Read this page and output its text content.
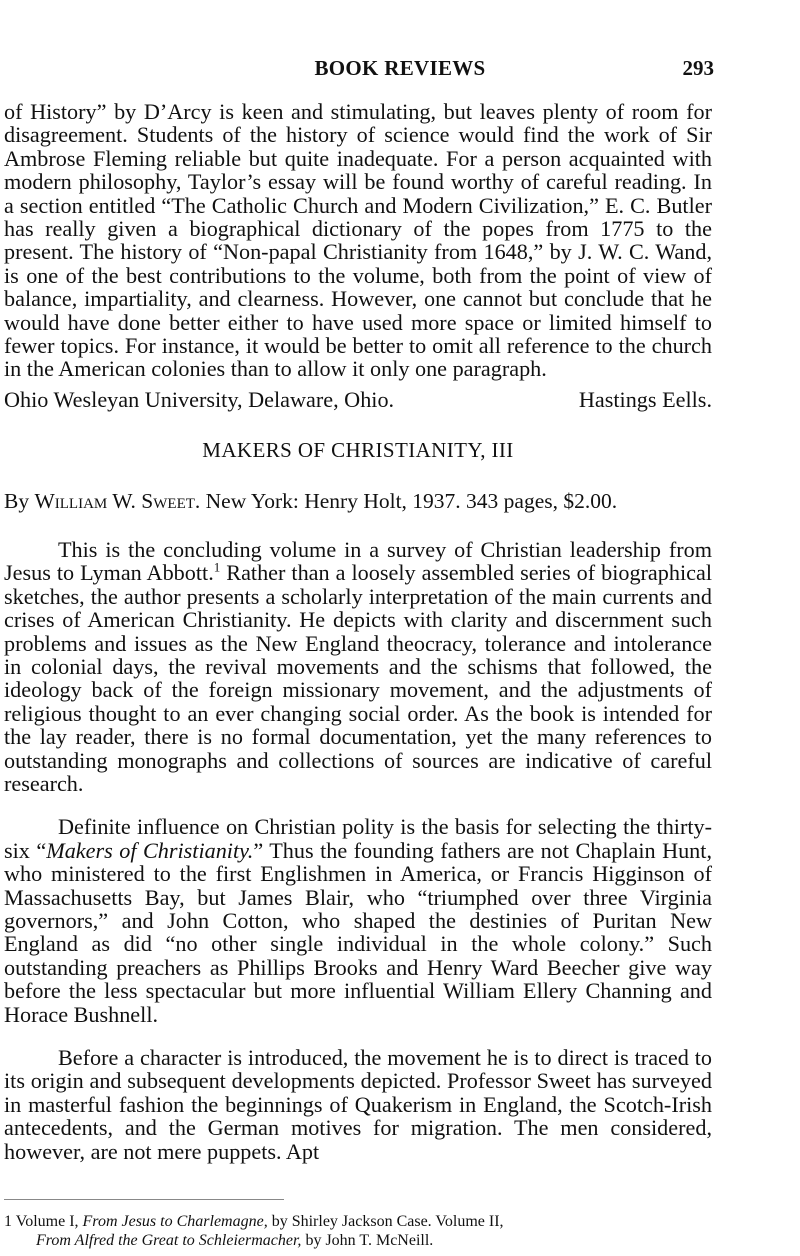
BOOK REVIEWS	293

of History” by D’Arcy is keen and stimulating, but leaves plenty of room for disagreement. Students of the history of science would find the work of Sir Ambrose Fleming reliable but quite inadequate. For a person acquainted with modern philosophy, Taylor’s essay will be found worthy of careful reading. In a section entitled “The Catholic Church and Modern Civilization,” E. C. Butler has really given a biographical dictionary of the popes from 1775 to the present. The history of “Non-papal Christianity from 1648,” by J. W. C. Wand, is one of the best contributions to the volume, both from the point of view of balance, impartiality, and clearness. However, one cannot but conclude that he would have done better either to have used more space or limited himself to fewer topics. For instance, it would be better to omit all reference to the church in the American colonies than to allow it only one paragraph.

Ohio Wesleyan University, Delaware, Ohio.	Hastings Eells.
MAKERS OF CHRISTIANITY, III
By William W. Sweet. New York: Henry Holt, 1937. 343 pages, $2.00.

This is the concluding volume in a survey of Christian leadership from Jesus to Lyman Abbott.$^1$ Rather than a loosely assembled series of biographical sketches, the author presents a scholarly interpretation of the main currents and crises of American Christianity. He depicts with clarity and discernment such problems and issues as the New England theocracy, tolerance and intolerance in colonial days, the revival movements and the schisms that followed, the ideology back of the foreign missionary movement, and the adjustments of religious thought to an ever changing social order. As the book is intended for the lay reader, there is no formal documentation, yet the many references to outstanding monographs and collections of sources are indicative of careful research.

Definite influence on Christian polity is the basis for selecting the thirty-six “Makers of Christianity.” Thus the founding fathers are not Chaplain Hunt, who ministered to the first Englishmen in America, or Francis Higginson of Massachusetts Bay, but James Blair, who “triumphed over three Virginia governors,” and John Cotton, who shaped the destinies of Puritan New England as did “no other single individual in the whole colony.” Such outstanding preachers as Phillips Brooks and Henry Ward Beecher give way before the less spectacular but more influential William Ellery Channing and Horace Bushnell.

Before a character is introduced, the movement he is to direct is traced to its origin and subsequent developments depicted. Professor Sweet has surveyed in masterful fashion the beginnings of Quakerism in England, the Scotch-Irish antecedents, and the German motives for migration. The men considered, however, are not mere puppets. Apt

1 Volume I, From Jesus to Charlemagne, by Shirley Jackson Case. Volume II,
From Alfred the Great to Schleiermacher, by John T. McNeill.
